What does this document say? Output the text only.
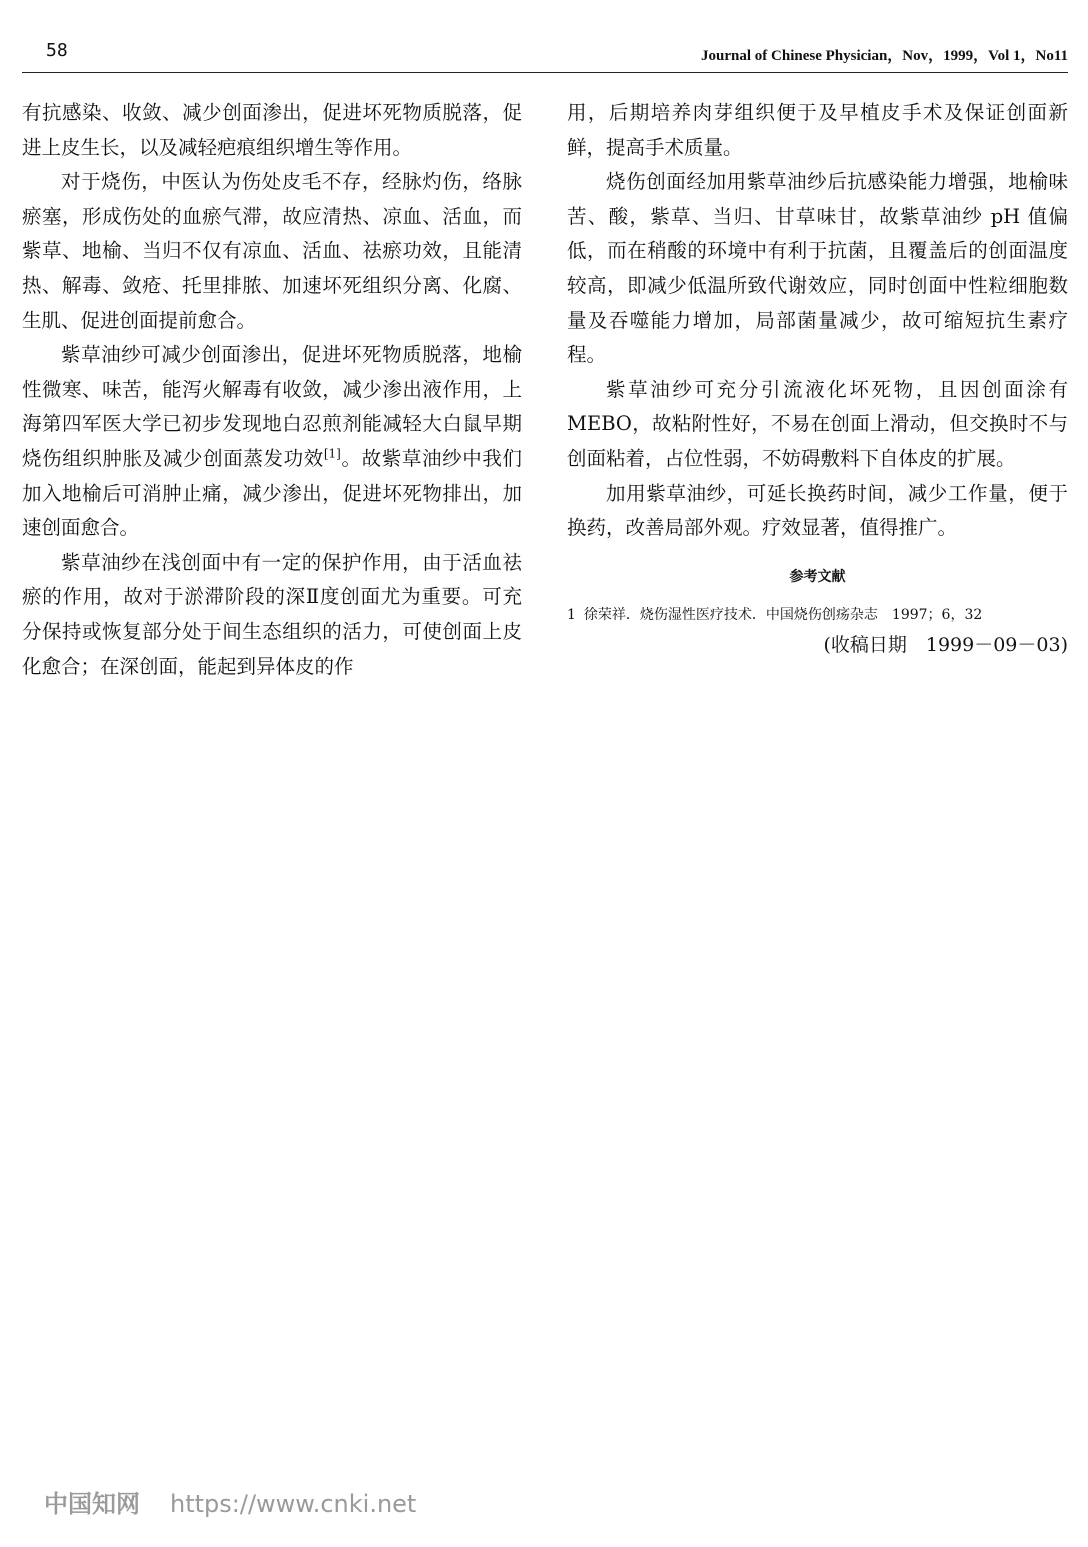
58	Journal of Chinese Physician，Nov，1999，Vol 1，No11

有抗感染、收敛、减少创面渗出，促进坏死物质脱落，促进上皮生长，以及减轻疤痕组织增生等作用。

对于烧伤，中医认为伤处皮毛不存，经脉灼伤，络脉瘀塞，形成伤处的血瘀气滞，故应清热、凉血、活血，而紫草、地榆、当归不仅有凉血、活血、祛瘀功效，且能清热、解毒、敛疮、托里排脓、加速坏死组织分离、化腐、生肌、促进创面提前愈合。

紫草油纱可减少创面渗出，促进坏死物质脱落，地榆性微寒、味苦，能泻火解毒有收敛，减少渗出液作用，上海第四军医大学已初步发现地白忍煎剂能减轻大白鼠早期烧伤组织肿胀及减少创面蒸发功效[1]。故紫草油纱中我们加入地榆后可消肿止痛，减少渗出，促进坏死物排出，加速创面愈合。

紫草油纱在浅创面中有一定的保护作用，由于活血祛瘀的作用，故对于淤滞阶段的深Ⅱ度创面尤为重要。可充分保持或恢复部分处于间生态组织的活力，可使创面上皮化愈合；在深创面，能起到异体皮的作

用，后期培养肉芽组织便于及早植皮手术及保证创面新鲜，提高手术质量。

烧伤创面经加用紫草油纱后抗感染能力增强，地榆味苦、酸，紫草、当归、甘草味甘，故紫草油纱 pH 值偏低，而在稍酸的环境中有利于抗菌，且覆盖后的创面温度较高，即减少低温所致代谢效应，同时创面中性粒细胞数量及吞噬能力增加，局部菌量减少，故可缩短抗生素疗程。

紫草油纱可充分引流液化坏死物，且因创面涂有MEBO，故粘附性好，不易在创面上滑动，但交换时不与创面粘着，占位性弱，不妨碍敷料下自体皮的扩展。

加用紫草油纱，可延长换药时间，减少工作量，便于换药，改善局部外观。疗效显著，值得推广。

参考文献
1 徐荣祥．烧伤湿性医疗技术．中国烧伤创疡杂志　1997；6，32
(收稿日期　1999－09－03)
中国知网 https://www.cnki.net
